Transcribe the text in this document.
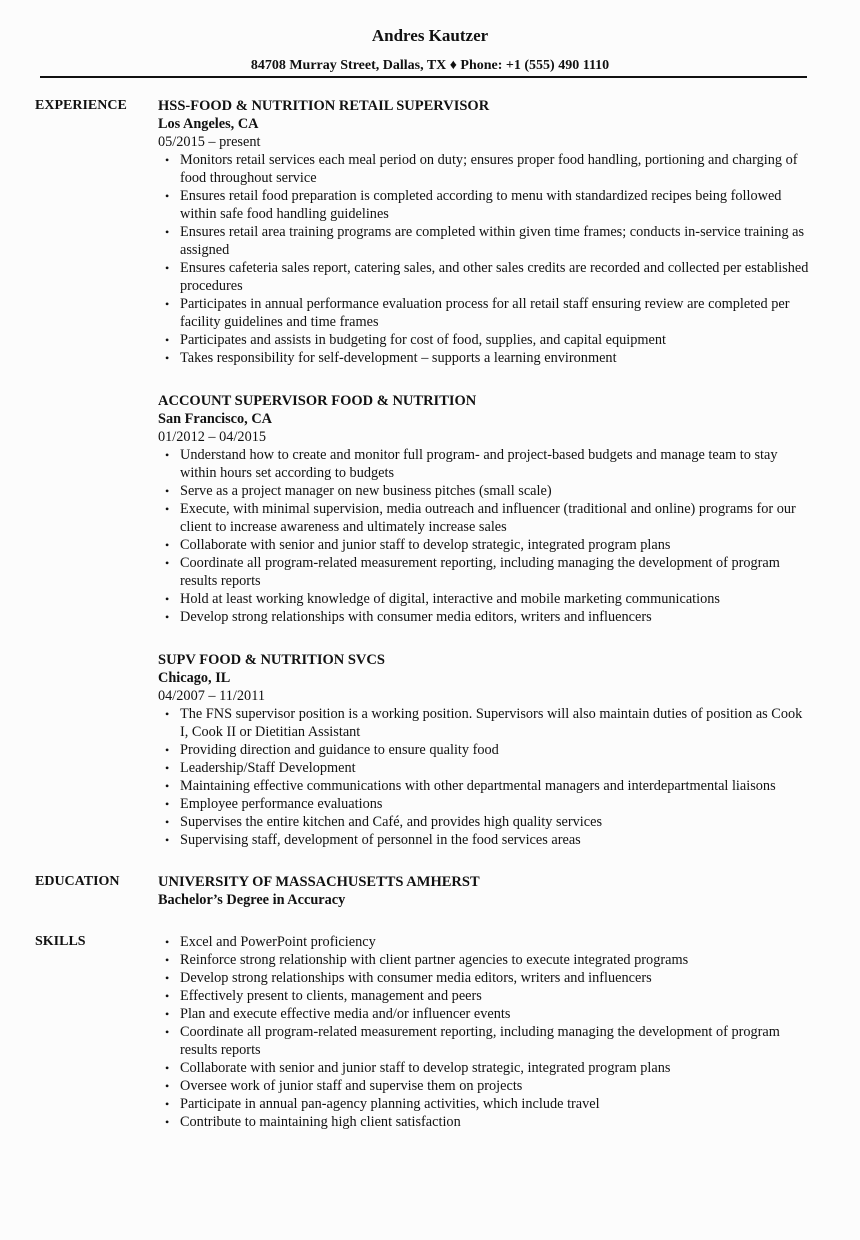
Andres Kautzer
84708 Murray Street, Dallas, TX ♦ Phone: +1 (555) 490 1110
EXPERIENCE	HSS-FOOD & NUTRITION RETAIL SUPERVISOR
Los Angeles, CA
05/2015 – present
• Monitors retail services each meal period on duty; ensures proper food handling, portioning and charging of food throughout service
• Ensures retail food preparation is completed according to menu with standardized recipes being followed within safe food handling guidelines
• Ensures retail area training programs are completed within given time frames; conducts in-service training as assigned
• Ensures cafeteria sales report, catering sales, and other sales credits are recorded and collected per established procedures
• Participates in annual performance evaluation process for all retail staff ensuring review are completed per facility guidelines and time frames
• Participates and assists in budgeting for cost of food, supplies, and capital equipment
• Takes responsibility for self-development – supports a learning environment
ACCOUNT SUPERVISOR FOOD & NUTRITION
San Francisco, CA
01/2012 – 04/2015
• Understand how to create and monitor full program- and project-based budgets and manage team to stay within hours set according to budgets
• Serve as a project manager on new business pitches (small scale)
• Execute, with minimal supervision, media outreach and influencer (traditional and online) programs for our client to increase awareness and ultimately increase sales
• Collaborate with senior and junior staff to develop strategic, integrated program plans
• Coordinate all program-related measurement reporting, including managing the development of program results reports
• Hold at least working knowledge of digital, interactive and mobile marketing communications
• Develop strong relationships with consumer media editors, writers and influencers
SUPV FOOD & NUTRITION SVCS
Chicago, IL
04/2007 – 11/2011
• The FNS supervisor position is a working position. Supervisors will also maintain duties of position as Cook I, Cook II or Dietitian Assistant
• Providing direction and guidance to ensure quality food
• Leadership/Staff Development
• Maintaining effective communications with other departmental managers and interdepartmental liaisons
• Employee performance evaluations
• Supervises the entire kitchen and Café, and provides high quality services
• Supervising staff, development of personnel in the food services areas
EDUCATION	UNIVERSITY OF MASSACHUSETTS AMHERST
Bachelor’s Degree in Accuracy
SKILLS	• Excel and PowerPoint proficiency
• Reinforce strong relationship with client partner agencies to execute integrated programs
• Develop strong relationships with consumer media editors, writers and influencers
• Effectively present to clients, management and peers
• Plan and execute effective media and/or influencer events
• Coordinate all program-related measurement reporting, including managing the development of program results reports
• Collaborate with senior and junior staff to develop strategic, integrated program plans
• Oversee work of junior staff and supervise them on projects
• Participate in annual pan-agency planning activities, which include travel
• Contribute to maintaining high client satisfaction
